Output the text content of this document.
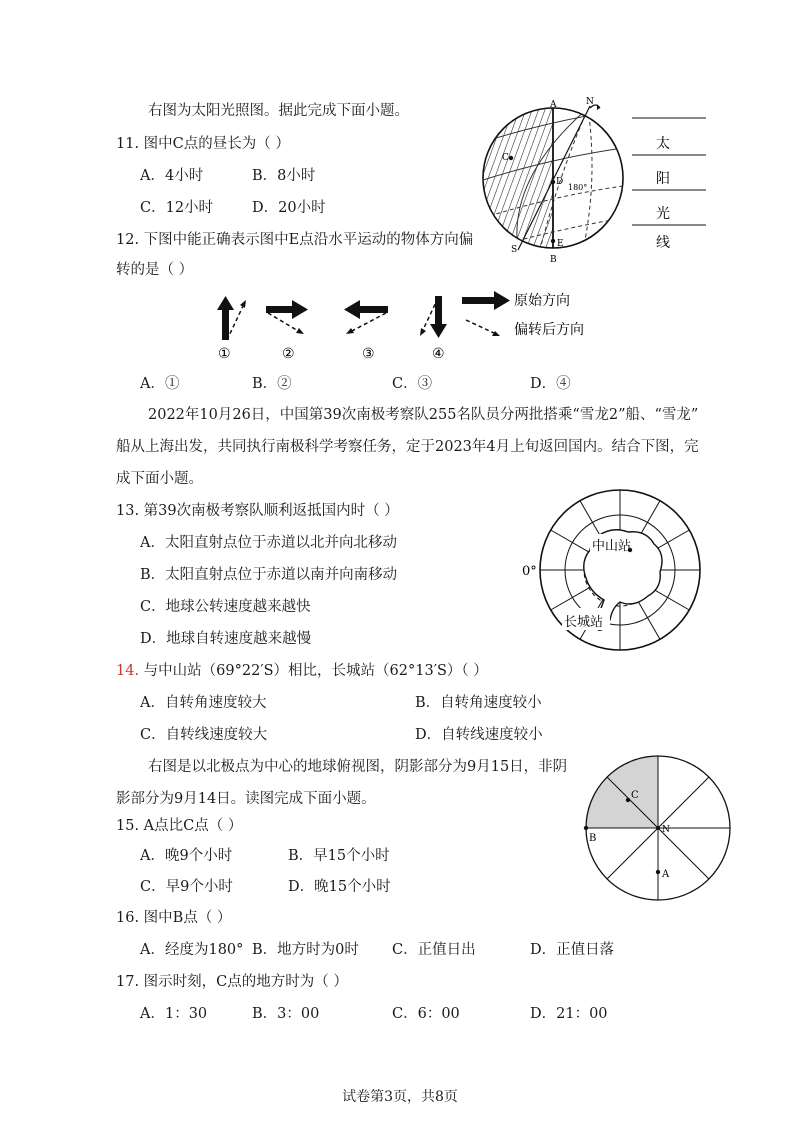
右图为太阳光照图。据此完成下面小题。
11. 图中C点的昼长为（ ）
A．4小时	B．8小时
C．12小时	D．20小时
12. 下图中能正确表示图中E点沿水平运动的物体方向偏
转的是（ ）
A	N
C
D
180°
S
E
B
太
阳
光
线
①	②	③	④
原始方向
偏转后方向
A．①	B．②	C．③	D．④
2022年10月26日，中国第39次南极考察队255名队员分两批搭乘“雪龙2”船、“雪龙”
船从上海出发，共同执行南极科学考察任务，定于2023年4月上旬返回国内。结合下图，完
成下面小题。
13. 第39次南极考察队顺利返抵国内时（ ）
A．太阳直射点位于赤道以北并向北移动
B．太阳直射点位于赤道以南并向南移动
C．地球公转速度越来越快
D．地球自转速度越来越慢
中山站
长城站
0°
14. 与中山站（69°22′S）相比，长城站（62°13′S）（ ）
A．自转角速度较大	B．自转角速度较小
C．自转线速度较大	D．自转线速度较小
右图是以北极点为中心的地球俯视图，阴影部分为9月15日，非阴
影部分为9月14日。读图完成下面小题。	C
B
N
A
15. A点比C点（ ）
A．晚9个小时	B．早15个小时
C．早9个小时	D．晚15个小时
16. 图中B点（ ）
A．经度为180° B．地方时为0时 C．正值日出	D．正值日落
17. 图示时刻，C点的地方时为（ ）
A．1：30	B．3：00	C．6：00	D．21：00
试卷第3页，共8页
